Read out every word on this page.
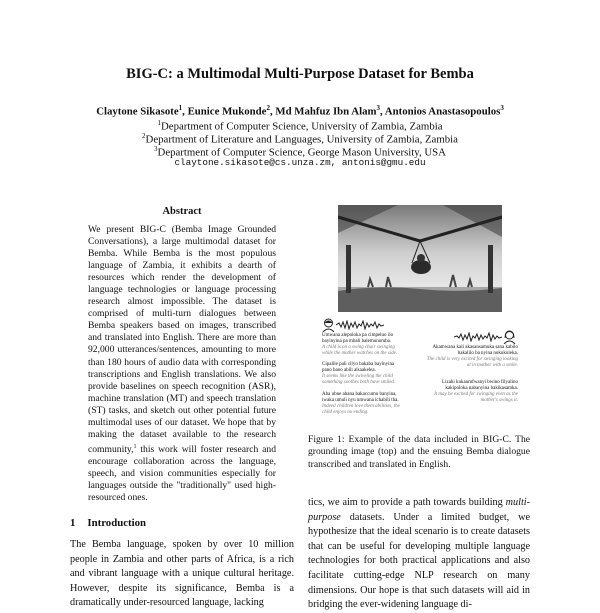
BIG-C: a Multimodal Multi-Purpose Dataset for Bemba
Claytone Sikasote$^1$, Eunice Mukonde$^2$, Md Mahfuz Ibn Alam$^3$, Antonios Anastasopoulos$^3$
$^1$Department of Computer Science, University of Zambia, Zambia
$^2$Department of Literature and Languages, University of Zambia, Zambia
$^3$Department of Computer Science, George Mason University, USA
claytone.sikasote@cs.unza.zm, antonis@gmu.edu
Abstract
We present BIG-C (Bemba Image Grounded Conversations), a large multimodal dataset for Bemba. While Bemba is the most populous language of Zambia, it exhibits a dearth of resources which render the development of language technologies or language processing research almost impossible. The dataset is comprised of multi-turn dialogues between Bemba speakers based on images, transcribed and translated into English. There are more than 92,000 utterances/sentences, amounting to more than 180 hours of audio data with corresponding transcriptions and English translations. We also provide baselines on speech recognition (ASR), machine translation (MT) and speech translation (ST) tasks, and sketch out other potential future multimodal uses of our dataset. We hope that by making the dataset available to the research community,$^1$ this work will foster research and encourage collaboration across the language, speech, and vision communities especially for languages outside the "traditionally" used high-resourced ones.
1 Introduction
The Bemba language, spoken by over 10 million people in Zambia and other parts of Africa, is a rich and vibrant language with a unique cultural heritage. However, despite its significance, Bemba is a dramatically under-resourced language, lacking
Umwana alepoloka pa cimpeluo ilo bayinyina pa mbali balemunomba.
A child is on a swing chair swinging while the mother watches on the side.
Cipalile pali cilyo bakaba bayinyina pano bano abili alsaakelea.
It seems like the swiveling the child something soothes both have smiled.
Aba ubne abana bakaccumu banyina, iwaka umuli nyu umwana ichabili tha.
Indeed children love them abilities, the child enjoys no ending.
Akamwana kali akasansamuka sana kabilo bakalilo ba nyina nokukuleka.
The child is very excited for swinging looking at in mother with a smile.
Lizahi kukaumfwanyi bwino filyalino kakipoloka nabanyina bakikasamka.
It may be excited for swinging even as the mother's swings it.
Figure 1: Example of the data included in BIG-C. The grounding image (top) and the ensuing Bemba dialogue transcribed and translated in English.
tics, we aim to provide a path towards building multi-purpose datasets. Under a limited budget, we hypothesize that the ideal scenario is to create datasets that can be useful for developing multiple language technologies for both practical applications and also facilitate cutting-edge NLP research on many dimensions. Our hope is that such datasets will aid in bridging the ever-widening language di-
